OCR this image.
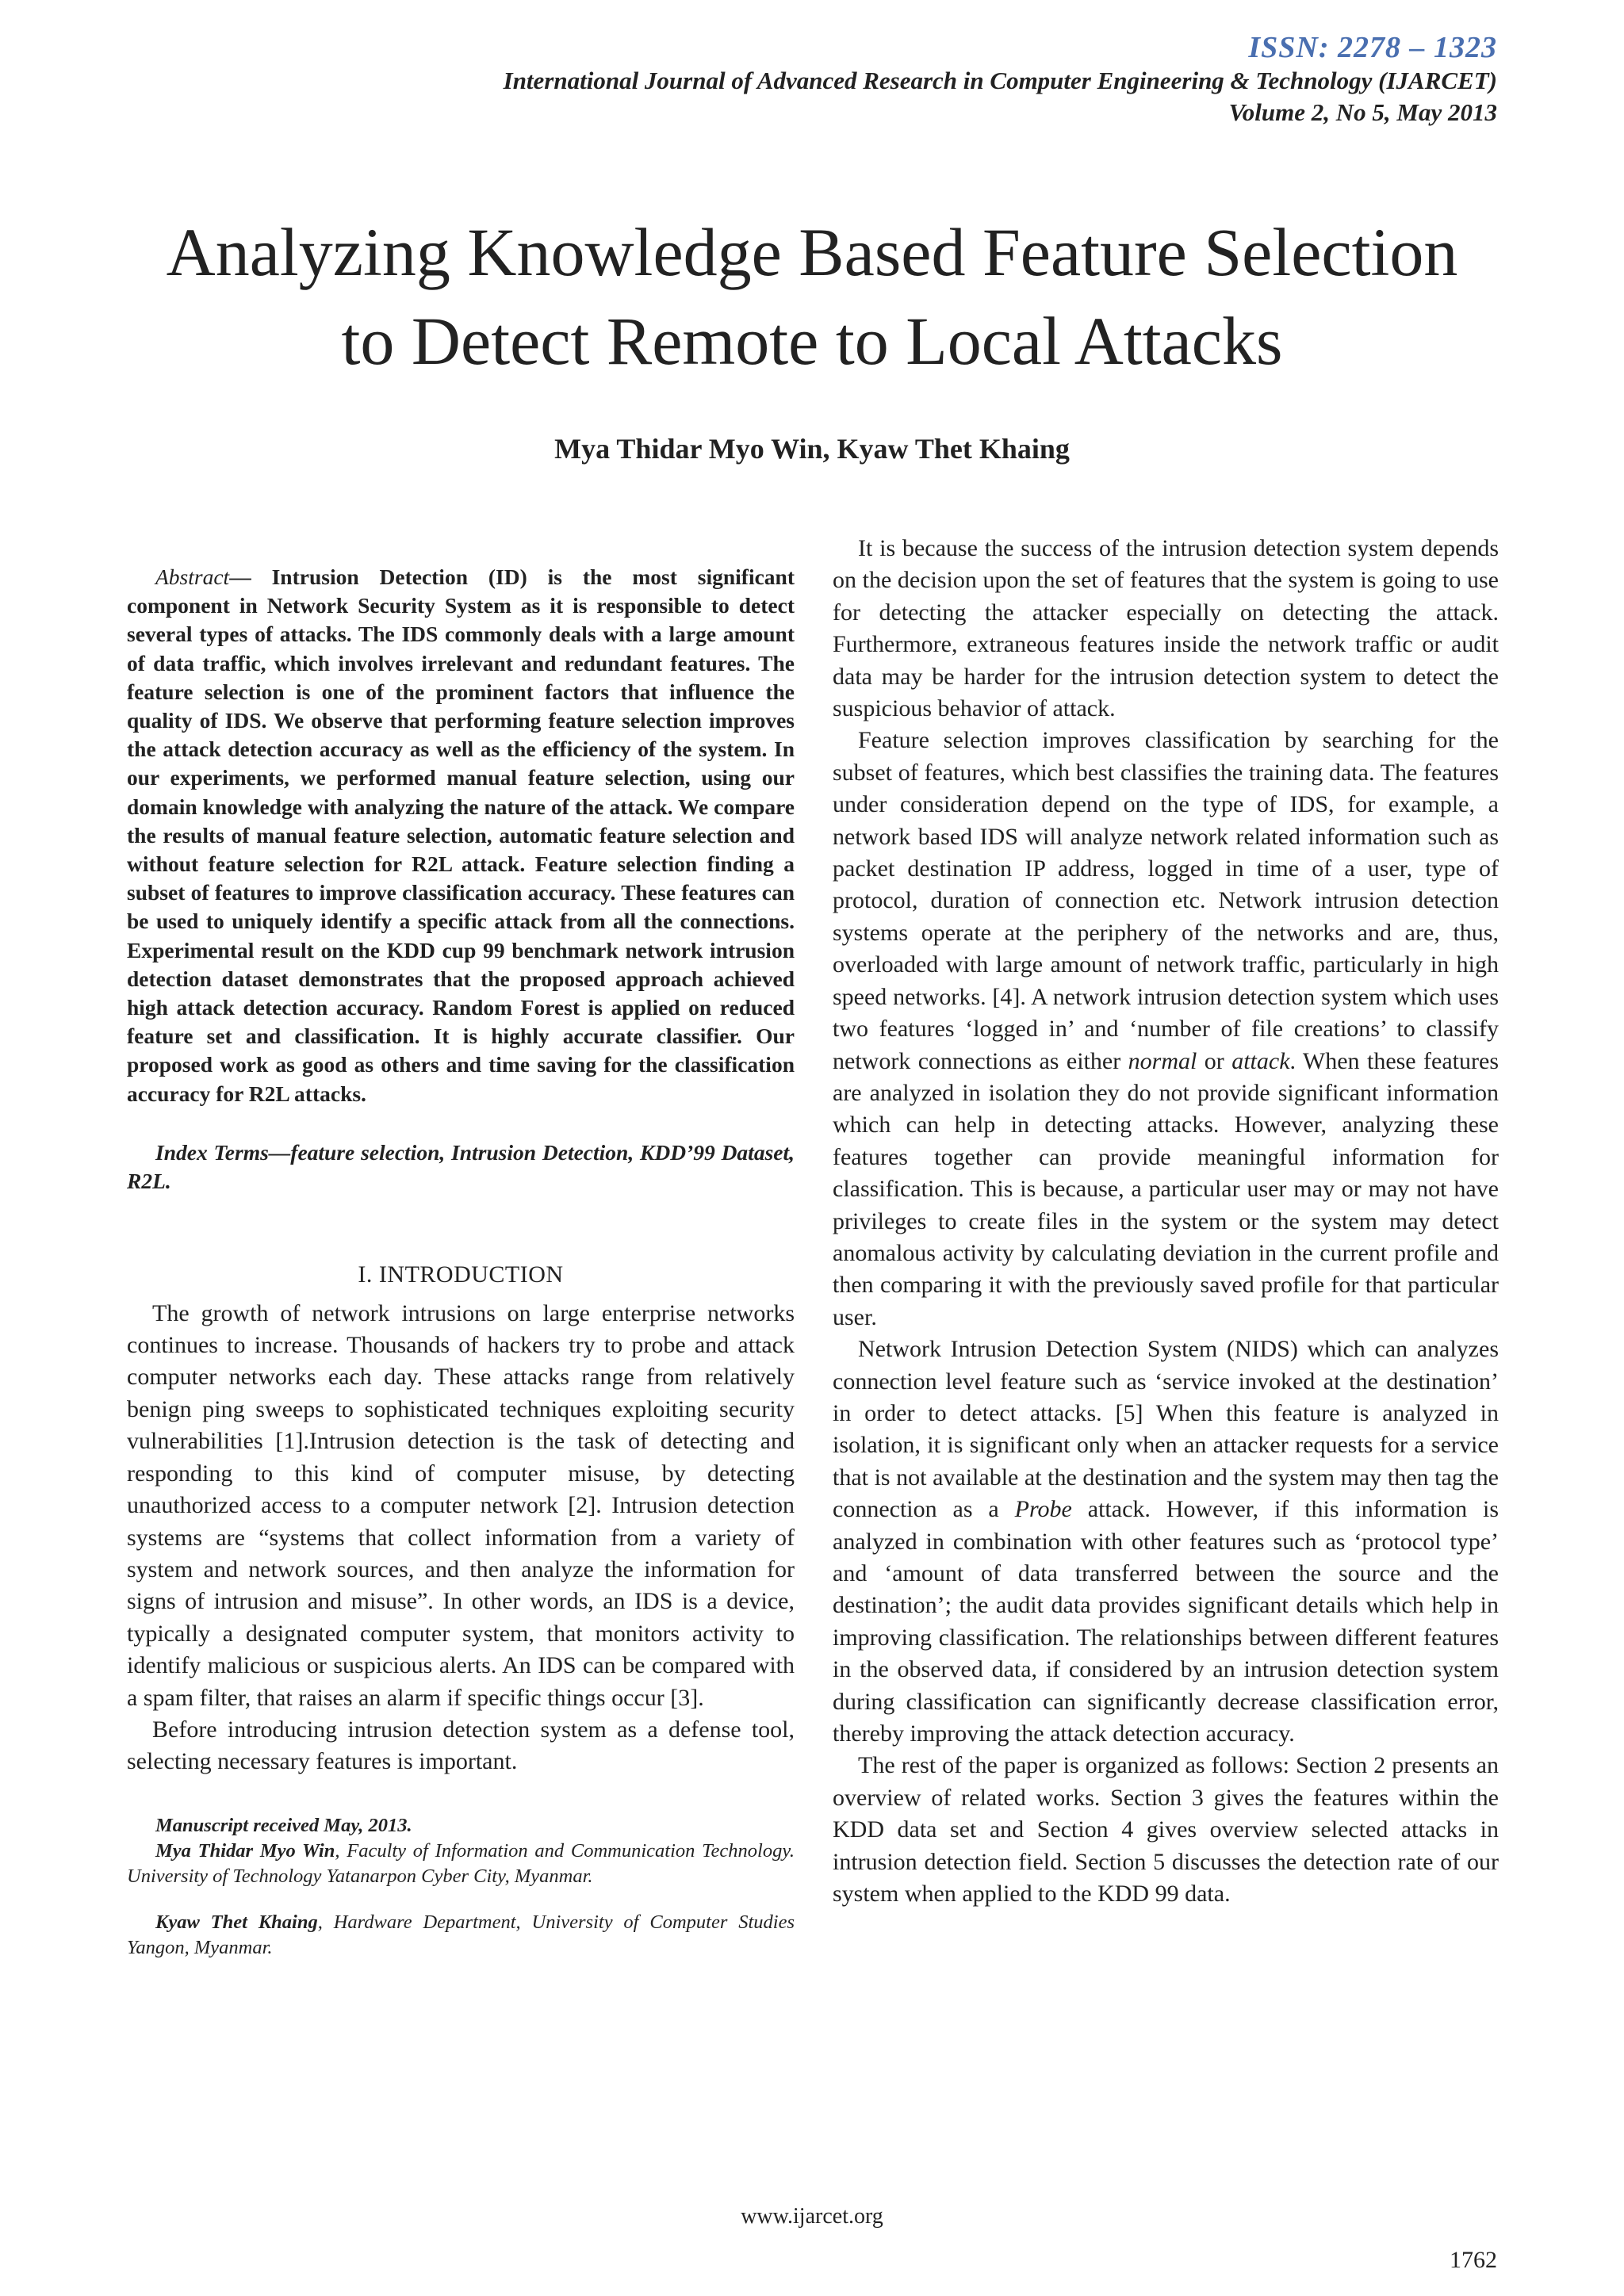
ISSN: 2278 – 1323
International Journal of Advanced Research in Computer Engineering & Technology (IJARCET)
Volume 2, No 5, May 2013
Analyzing Knowledge Based Feature Selection
to Detect Remote to Local Attacks
Mya Thidar Myo Win, Kyaw Thet Khaing

Abstract— Intrusion Detection (ID) is the most significant component in Network Security System as it is responsible to detect several types of attacks. The IDS commonly deals with a large amount of data traffic, which involves irrelevant and redundant features. The feature selection is one of the prominent factors that influence the quality of IDS. We observe that performing feature selection improves the attack detection accuracy as well as the efficiency of the system. In our experiments, we performed manual feature selection, using our domain knowledge with analyzing the nature of the attack. We compare the results of manual feature selection, automatic feature selection and without feature selection for R2L attack. Feature selection finding a subset of features to improve classification accuracy. These features can be used to uniquely identify a specific attack from all the connections. Experimental result on the KDD cup 99 benchmark network intrusion detection dataset demonstrates that the proposed approach achieved high attack detection accuracy. Random Forest is applied on reduced feature set and classification. It is highly accurate classifier. Our proposed work as good as others and time saving for the classification accuracy for R2L attacks.

Index Terms—feature selection, Intrusion Detection, KDD’99 Dataset, R2L.

I. INTRODUCTION

The growth of network intrusions on large enterprise networks continues to increase. Thousands of hackers try to probe and attack computer networks each day. These attacks range from relatively benign ping sweeps to sophisticated techniques exploiting security vulnerabilities [1].Intrusion detection is the task of detecting and responding to this kind of computer misuse, by detecting unauthorized access to a computer network [2]. Intrusion detection systems are “systems that collect information from a variety of system and network sources, and then analyze the information for signs of intrusion and misuse”. In other words, an IDS is a device, typically a designated computer system, that monitors activity to identify malicious or suspicious alerts. An IDS can be compared with a spam filter, that raises an alarm if specific things occur [3].

Before introducing intrusion detection system as a defense tool, selecting necessary features is important.

Manuscript received May, 2013.

Mya Thidar Myo Win, Faculty of Information and Communication Technology. University of Technology Yatanarpon Cyber City, Myanmar.

Kyaw Thet Khaing, Hardware Department, University of Computer Studies Yangon, Myanmar.

It is because the success of the intrusion detection system depends on the decision upon the set of features that the system is going to use for detecting the attacker especially on detecting the attack. Furthermore, extraneous features inside the network traffic or audit data may be harder for the intrusion detection system to detect the suspicious behavior of attack.

Feature selection improves classification by searching for the subset of features, which best classifies the training data. The features under consideration depend on the type of IDS, for example, a network based IDS will analyze network related information such as packet destination IP address, logged in time of a user, type of protocol, duration of connection etc. Network intrusion detection systems operate at the periphery of the networks and are, thus, overloaded with large amount of network traffic, particularly in high speed networks. [4]. A network intrusion detection system which uses two features ‘logged in’ and ‘number of file creations’ to classify network connections as either normal or attack. When these features are analyzed in isolation they do not provide significant information which can help in detecting attacks. However, analyzing these features together can provide meaningful information for classification. This is because, a particular user may or may not have privileges to create files in the system or the system may detect anomalous activity by calculating deviation in the current profile and then comparing it with the previously saved profile for that particular user.

Network Intrusion Detection System (NIDS) which can analyzes connection level feature such as ‘service invoked at the destination’ in order to detect attacks. [5] When this feature is analyzed in isolation, it is significant only when an attacker requests for a service that is not available at the destination and the system may then tag the connection as a Probe attack. However, if this information is analyzed in combination with other features such as ‘protocol type’ and ‘amount of data transferred between the source and the destination’; the audit data provides significant details which help in improving classification. The relationships between different features in the observed data, if considered by an intrusion detection system during classification can significantly decrease classification error, thereby improving the attack detection accuracy.

The rest of the paper is organized as follows: Section 2 presents an overview of related works. Section 3 gives the features within the KDD data set and Section 4 gives overview selected attacks in intrusion detection field. Section 5 discusses the detection rate of our system when applied to the KDD 99 data.

www.ijarcet.org
1762
